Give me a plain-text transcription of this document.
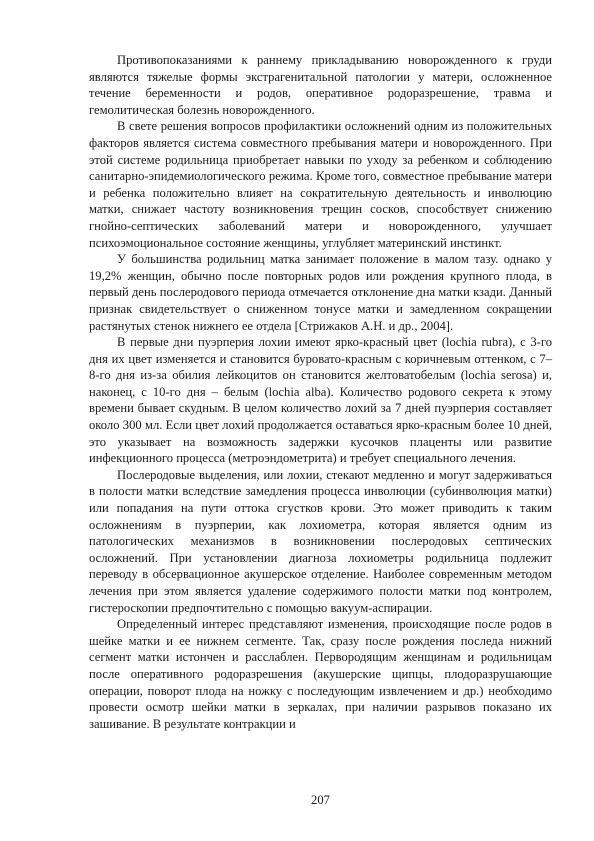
Противопоказаниями к раннему прикладыванию новорожденного к груди являются тяжелые формы экстрагенитальной патологии у матери, осложненное течение беременности и родов, оперативное родоразрешение, травма и гемолитическая болезнь новорожденного.

В свете решения вопросов профилактики осложнений одним из положительных факторов является система совместного пребывания матери и новорожденного. При этой системе родильница приобретает навыки по уходу за ребенком и соблюдению санитарно-эпидемиологического режима. Кроме того, совместное пребывание матери и ребенка положительно влияет на сократительную деятельность и инволюцию матки, снижает частоту возникновения трещин сосков, способствует снижению гнойно-септических заболеваний матери и новорожденного, улучшает психоэмоциональное состояние женщины, углубляет материнский инстинкт.

У большинства родильниц матка занимает положение в малом тазу. однако у 19,2% женщин, обычно после повторных родов или рождения крупного плода, в первый день послеродового периода отмечается отклонение дна матки кзади. Данный признак свидетельствует о сниженном тонусе матки и замедленном сокращении растянутых стенок нижнего ее отдела [Стрижаков А.Н. и др., 2004].

В первые дни пуэрперия лохии имеют ярко-красный цвет (lochia rubra), с 3-го дня их цвет изменяется и становится буровато-красным с коричневым оттенком, с 7–8-го дня из-за обилия лейкоцитов он становится желтоватобелым (lochia serosa) и, наконец, с 10-го дня – белым (lochia alba). Количество родового секрета к этому времени бывает скудным. В целом количество лохий за 7 дней пуэрперия составляет около 300 мл. Если цвет лохий продолжается оставаться ярко-красным более 10 дней, это указывает на возможность задержки кусочков плаценты или развитие инфекционного процесса (метроэндометрита) и требует специального лечения.

Послеродовые выделения, или лохии, стекают медленно и могут задерживаться в полости матки вследствие замедления процесса инволюции (субинволюция матки) или попадания на пути оттока сгустков крови. Это может приводить к таким осложнениям в пуэрперии, как лохиометра, которая является одним из патологических механизмов в возникновении послеродовых септических осложнений. При установлении диагноза лохиометры родильница подлежит переводу в обсервационное акушерское отделение. Наиболее современным методом лечения при этом является удаление содержимого полости матки под контролем, гистероскопии предпочтительно с помощью вакуум-аспирации.

Определенный интерес представляют изменения, происходящие после родов в шейке матки и ее нижнем сегменте. Так, сразу после рождения последа нижний сегмент матки истончен и расслаблен. Первородящим женщинам и родильницам после оперативного родоразрешения (акушерские щипцы, плодоразрушающие операции, поворот плода на ножку с последующим извлечением и др.) необходимо провести осмотр шейки матки в зеркалах, при наличии разрывов показано их зашивание. В результате контракции и

207
